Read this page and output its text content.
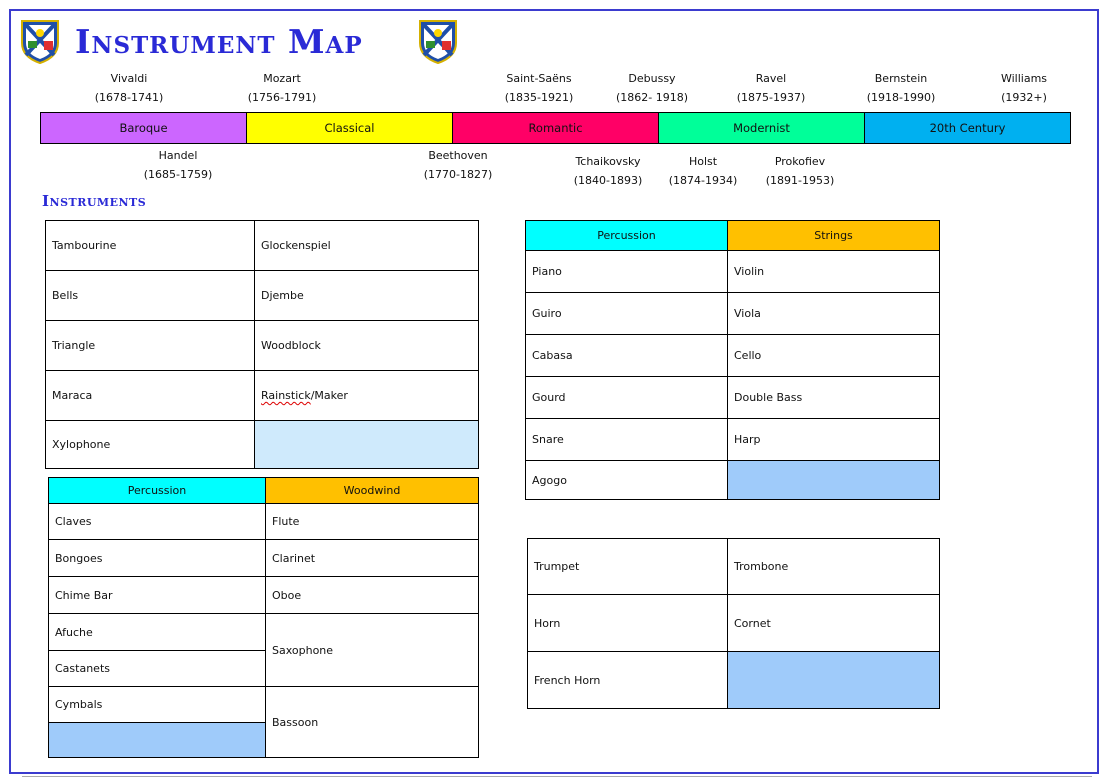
Instrument Map
Vivaldi
(1678-1741)
Mozart
(1756-1791)
Saint-Saëns
(1835-1921)
Debussy
(1862- 1918)
Ravel
(1875-1937)
Bernstein
(1918-1990)
Williams
(1932+)
Baroque	Classical	Romantic	Modernist	20th Century
Handel
(1685-1759)
Beethoven
(1770-1827)
Tchaikovsky
(1840-1893)
Holst
(1874-1934)
Prokofiev
(1891-1953)
Instruments
Tambourine	Glockenspiel
Bells	Djembe
Triangle	Woodblock
Maraca	Rainstick/Maker
Xylophone	
Percussion	Woodwind
Claves	Flute
Bongoes	Clarinet
Chime Bar	Oboe
Afuche	Saxophone
Castanets	
Cymbals	Bassoon

Percussion	Strings
Piano	Violin
Guiro	Viola
Cabasa	Cello
Gourd	Double Bass
Snare	Harp
Agogo	
Trumpet	Trombone
Horn	Cornet
French Horn	
